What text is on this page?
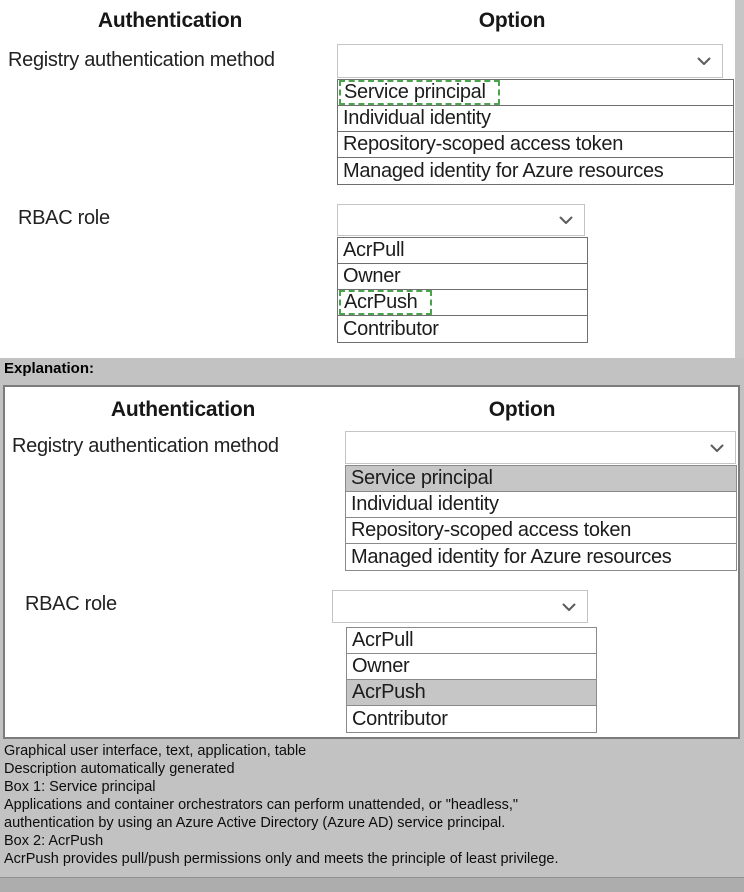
Authentication	Option
Registry authentication method
Service principal
Individual identity
Repository-scoped access token
Managed identity for Azure resources
RBAC role
AcrPull
Owner
AcrPush
Contributor
Explanation:
Authentication	Option
Registry authentication method
Service principal
Individual identity
Repository-scoped access token
Managed identity for Azure resources
RBAC role
AcrPull
Owner
AcrPush
Contributor
Graphical user interface, text, application, table
Description automatically generated
Box 1: Service principal
Applications and container orchestrators can perform unattended, or "headless,"
authentication by using an Azure Active Directory (Azure AD) service principal.
Box 2: AcrPush
AcrPush provides pull/push permissions only and meets the principle of least privilege.
